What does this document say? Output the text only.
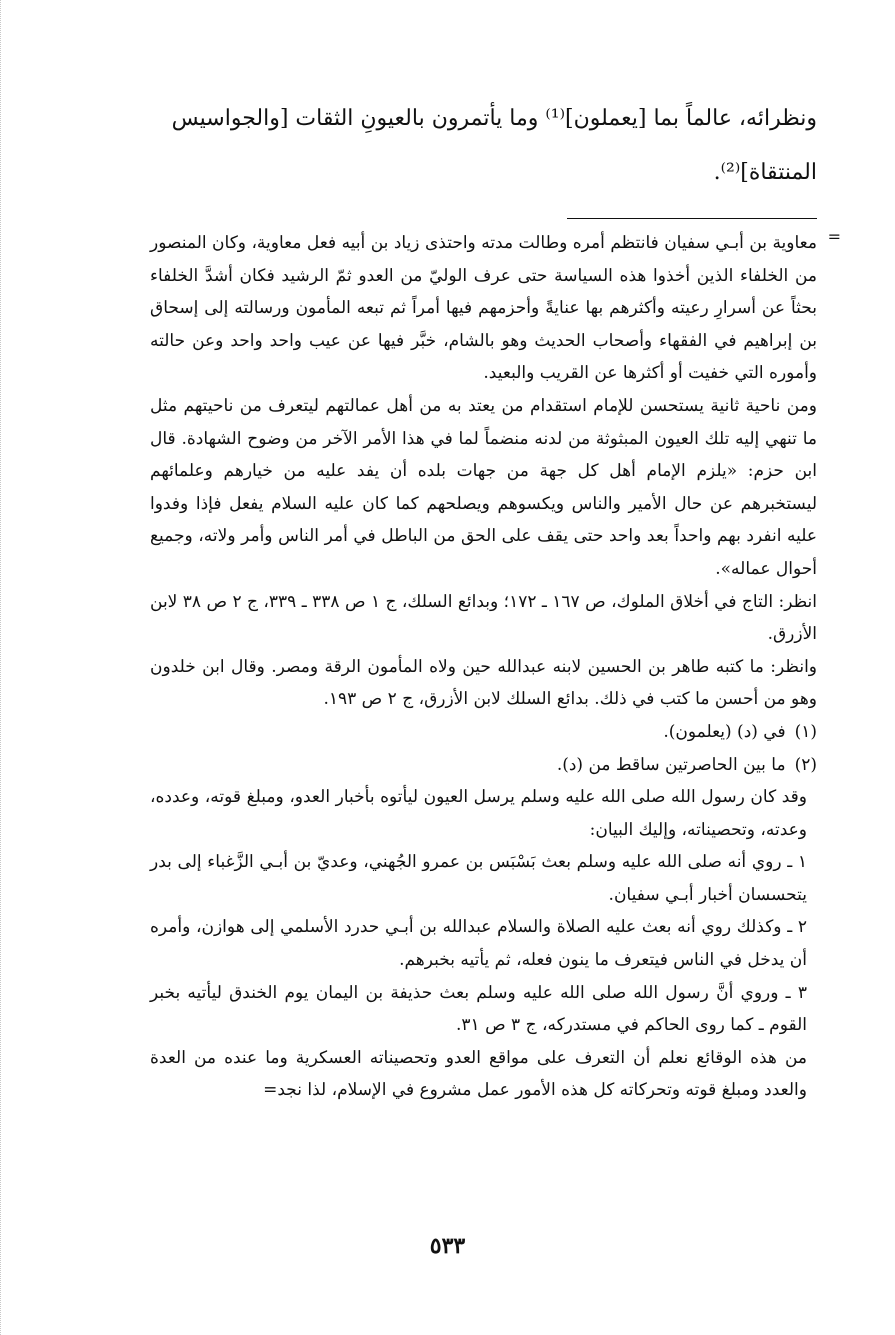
ونظرائه، عالماً بما [يعملون]⁽¹⁾ وما يأتمرون بالعيونِ الثقات [والجواسيس

المنتقاة]⁽²⁾.

=

معاوية بن أبـي سفيان فانتظم أمره وطالت مدته واحتذى زياد بن أبيه فعل معاوية، وكان المنصور من الخلفاء الذين أخذوا هذه السياسة حتى عرف الوليّ من العدو ثمّ الرشيد فكان أشدَّ الخلفاء بحثاً عن أسرارِ رعيته وأكثرهم بها عنايةً وأحزمهم فيها أمراً ثم تبعه المأمون ورسالته إلى إسحاق بن إبراهيم في الفقهاء وأصحاب الحديث وهو بالشام، خبَّر فيها عن عيب واحد واحد وعن حالته وأموره التي خفيت أو أكثرها عن القريب والبعيد.

ومن ناحية ثانية يستحسن للإمام استقدام من يعتد به من أهل عمالتهم ليتعرف من ناحيتهم مثل ما تنهي إليه تلك العيون المبثوثة من لدنه منضماً لما في هذا الأمر الآخر من وضوح الشهادة. قال ابن حزم: «يلزم الإمام أهل كل جهة من جهات بلده أن يفد عليه من خيارهم وعلمائهم ليستخبرهم عن حال الأمير والناس ويكسوهم ويصلحهم كما كان عليه السلام يفعل فإذا وفدوا عليه انفرد بهم واحداً بعد واحد حتى يقف على الحق من الباطل في أمر الناس وأمر ولاته، وجميع أحوال عماله».

انظر: التاج في أخلاق الملوك، ص ١٦٧ ـ ١٧٢؛ وبدائع السلك، ج ١ ص ٣٣٨ ـ ٣٣٩، ج ٢ ص ٣٨ لابن الأزرق.

وانظر: ما كتبه طاهر بن الحسين لابنه عبدالله حين ولاه المأمون الرقة ومصر. وقال ابن خلدون وهو من أحسن ما كتب في ذلك. بدائع السلك لابن الأزرق، ج ٢ ص ١٩٣.

(١) في (د) (يعلمون).

(٢) ما بين الحاصرتين ساقط من (د).

وقد كان رسول الله صلى الله عليه وسلم يرسل العيون ليأتوه بأخبار العدو، ومبلغ قوته، وعدده، وعدته، وتحصيناته، وإليك البيان:

١ ـ روي أنه صلى الله عليه وسلم بعث بَسْبَس بن عمرو الجُهني، وعديّ بن أبـي الزَّغباء إلى بدر يتحسسان أخبار أبـي سفيان.

٢ ـ وكذلك روي أنه بعث عليه الصلاة والسلام عبدالله بن أبـي حدرد الأسلمي إلى هوازن، وأمره أن يدخل في الناس فيتعرف ما ينون فعله، ثم يأتيه بخبرهم.

٣ ـ وروي أنَّ رسول الله صلى الله عليه وسلم بعث حذيفة بن اليمان يوم الخندق ليأتيه بخبر القوم ـ كما روى الحاكم في مستدركه، ج ٣ ص ٣١.

من هذه الوقائع نعلم أن التعرف على مواقع العدو وتحصيناته العسكرية وما عنده من العدة والعدد ومبلغ قوته وتحركاته كل هذه الأمور عمل مشروع في الإسلام، لذا نجد=

٥٣٣
